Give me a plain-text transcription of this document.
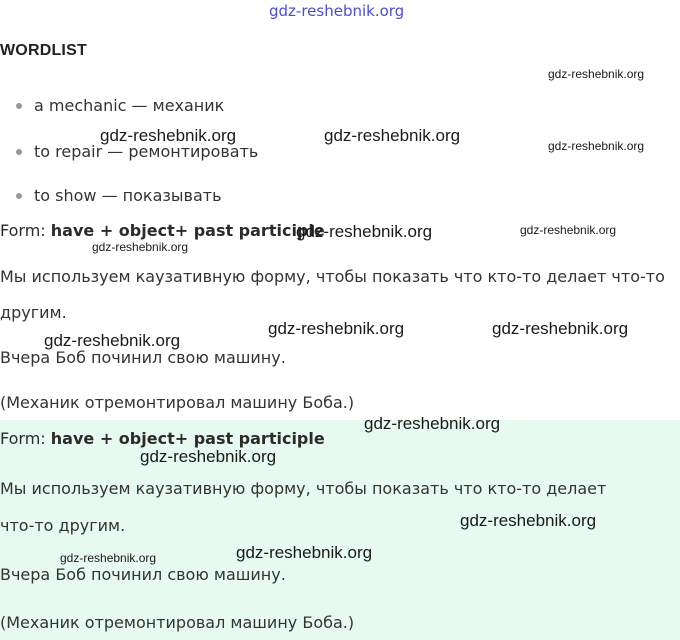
gdz-reshebnik.org
WORDLIST
a mechanic — механик
to repair — ремонтировать
to show — показывать
Form: have + object+ past participle
Мы используем каузативную форму, чтобы показать что кто-то делает что-то
другим.
Вчера Боб починил свою машину.
(Механик отремонтировал машину Боба.)
Form: have + object+ past participle
Мы используем каузативную форму, чтобы показать что кто-то делает
что-то другим.
Вчера Боб починил свою машину.
(Механик отремонтировал машину Боба.)
gdz-reshebnik.org
gdz-reshebnik.org	gdz-reshebnik.org
gdz-reshebnik.org
gdz-reshebnik.org	gdz-reshebnik.org
gdz-reshebnik.org
gdz-reshebnik.org	gdz-reshebnik.org
gdz-reshebnik.org
gdz-reshebnik.org
gdz-reshebnik.org
gdz-reshebnik.org
gdz-reshebnik.org
gdz-reshebnik.org
